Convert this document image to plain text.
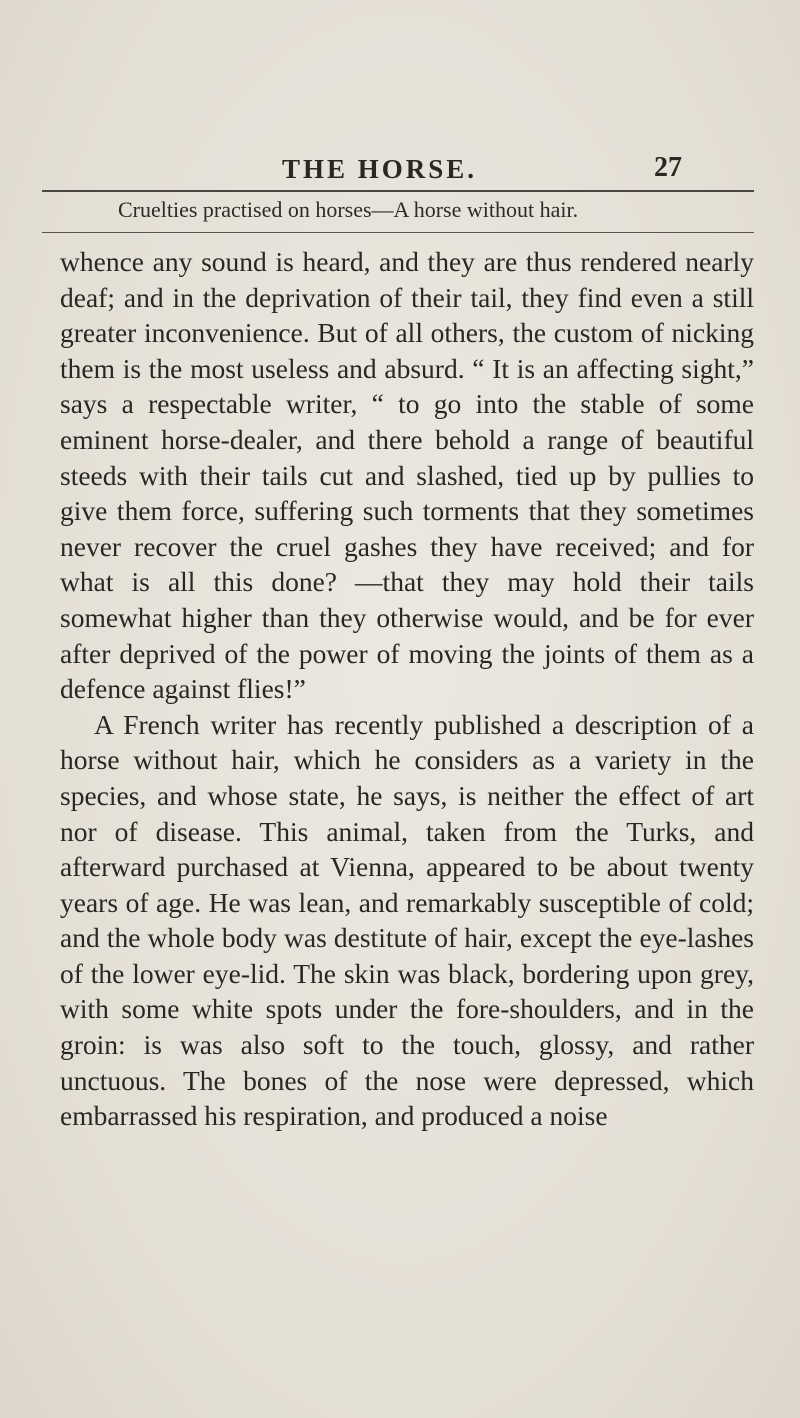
THE HORSE.	27
Cruelties practised on horses—A horse without hair.

whence any sound is heard, and they are thus rendered nearly deaf; and in the deprivation of their tail, they find even a still greater inconvenience. But of all others, the custom of nicking them is the most useless and absurd. “ It is an affecting sight,” says a respectable writer, “ to go into the stable of some eminent horse-dealer, and there behold a range of beautiful steeds with their tails cut and slashed, tied up by pullies to give them force, suffering such torments that they sometimes never recover the cruel gashes they have received; and for what is all this done? —that they may hold their tails somewhat higher than they otherwise would, and be for ever after deprived of the power of moving the joints of them as a defence against flies!”

A French writer has recently published a description of a horse without hair, which he considers as a variety in the species, and whose state, he says, is neither the effect of art nor of disease. This animal, taken from the Turks, and afterward purchased at Vienna, appeared to be about twenty years of age. He was lean, and remarkably susceptible of cold; and the whole body was destitute of hair, except the eye-lashes of the lower eye-lid. The skin was black, bordering upon grey, with some white spots under the fore-shoulders, and in the groin: is was also soft to the touch, glossy, and rather unctuous. The bones of the nose were depressed, which embarrassed his respiration, and produced a noise
